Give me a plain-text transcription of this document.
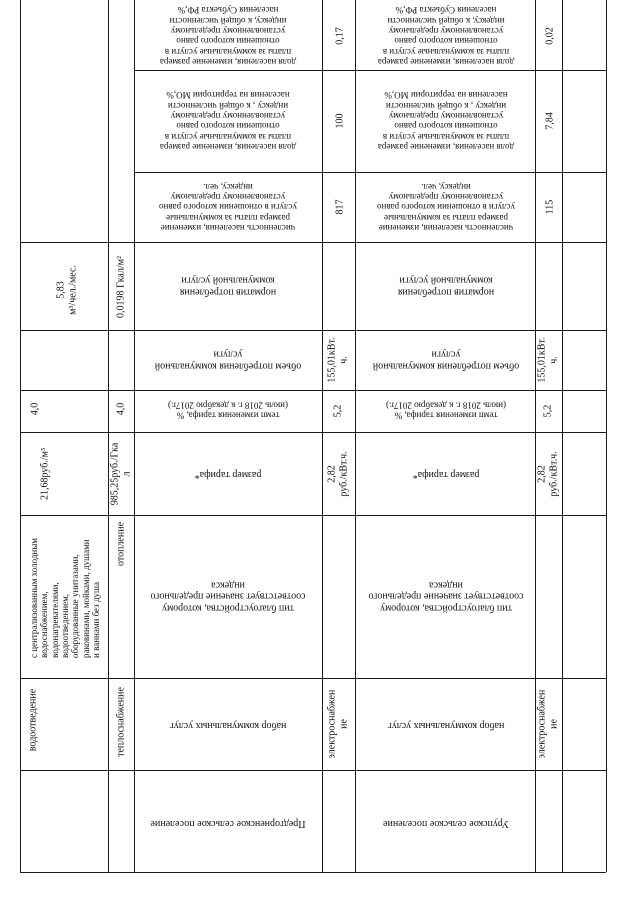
водоотведение
с централизованным холодным
водоснабжением,
водонагревателями,
водоотведением,
оборудованные унитазами,
раковинами, мойками, душами
и ваннами без душа
21,68руб./м³
4,0
5,83
м³/чел./мес.
теплоснабжение
отопление
985,25руб./Гка
л
4,0
0,0198 Гкал/м²
Предгорненское сельское поселение
набор коммунальных услуг
тип благоустройства, которому
соответствует значение предельного
индекса
размер тарифа*
темп изменения тарифа, %
(июль 2018 г. к декабрю 2017г.)
объем потребления коммунальной
услуги
норматив потребления
коммунальной услуги
численность населения, изменение
размера платы за коммунальные
услуги в отношении которого равно
установленному предельному
индексу, чел.
доля населения, изменение размера
платы за коммунальные услуги в
отношении которого равно
установленному предельному
индексу , к общей численности
населения на территории МО,%
доля населения, изменение размера
платы за коммунальные услуги в
отношении которого равно
установленному предельному
индексу, к общей численности
населения Субъекта РФ,%
электроснабжен
ие
2,82
руб./кВт.ч.
5,2
155,01кВт.
ч.
817
100
0,17
Урупское сельское поселение
набор коммунальных услуг
тип благоустройства, которому
соответствует значение предельного
индекса
размер тарифа*
темп изменения тарифа, %
(июль 2018 г. к декабрю 2017г.)
объем потребления коммунальной
услуги
норматив потребления
коммунальной услуги
численность населения, изменение
размера платы за коммунальные
услуги в отношении которого равно
установленному предельному
индексу, чел.
доля населения, изменение размера
платы за коммунальные услуги в
отношении которого равно
установленному предельному
индексу , к общей численности
населения на территории МО,%
доля населения, изменение размера
платы за коммунальные услуги в
отношении которого равно
установленному предельному
индексу, к общей численности
населения Субъекта РФ,%
электроснабжен
ие
2,82
руб./кВт.ч.
5,2
155,01кВт.
ч.
115
7,84
0,02
